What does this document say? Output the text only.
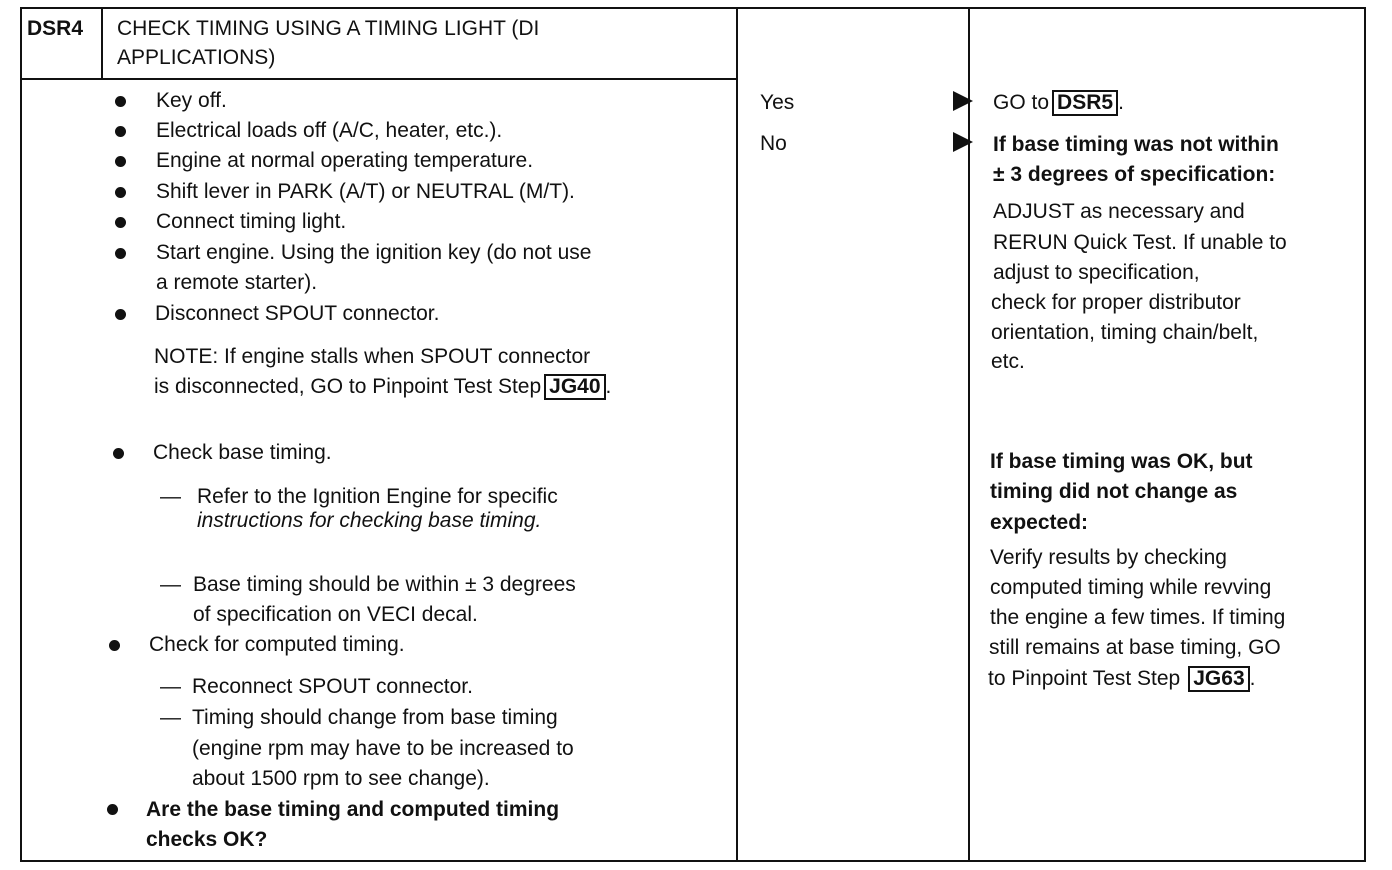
DSR4 CHECK TIMING USING A TIMING LIGHT (DI
APPLICATIONS)
Key off.
Electrical loads off (A/C, heater, etc.).
Engine at normal operating temperature.
Shift lever in PARK (A/T) or NEUTRAL (M/T).
Connect timing light.
Start engine. Using the ignition key (do not use
a remote starter).
Disconnect SPOUT connector.
NOTE: If engine stalls when SPOUT connector
is disconnected, GO to Pinpoint Test Step JG40 .
Check base timing.
— Refer to the Ignition Engine for specific
instructions for checking base timing.
— Base timing should be within ± 3 degrees
of specification on VECI decal.
Check for computed timing.
— Reconnect SPOUT connector.
— Timing should change from base timing
(engine rpm may have to be increased to
about 1500 rpm to see change).
Are the base timing and computed timing
checks OK?
Yes
No
GO to DSR5 .
If base timing was not within
± 3 degrees of specification:
ADJUST as necessary and
RERUN Quick Test. If unable to
adjust to specification,
check for proper distributor
orientation, timing chain/belt,
etc.
If base timing was OK, but
timing did not change as
expected:
Verify results by checking
computed timing while revving
the engine a few times. If timing
still remains at base timing, GO
to Pinpoint Test Step JG63 .
